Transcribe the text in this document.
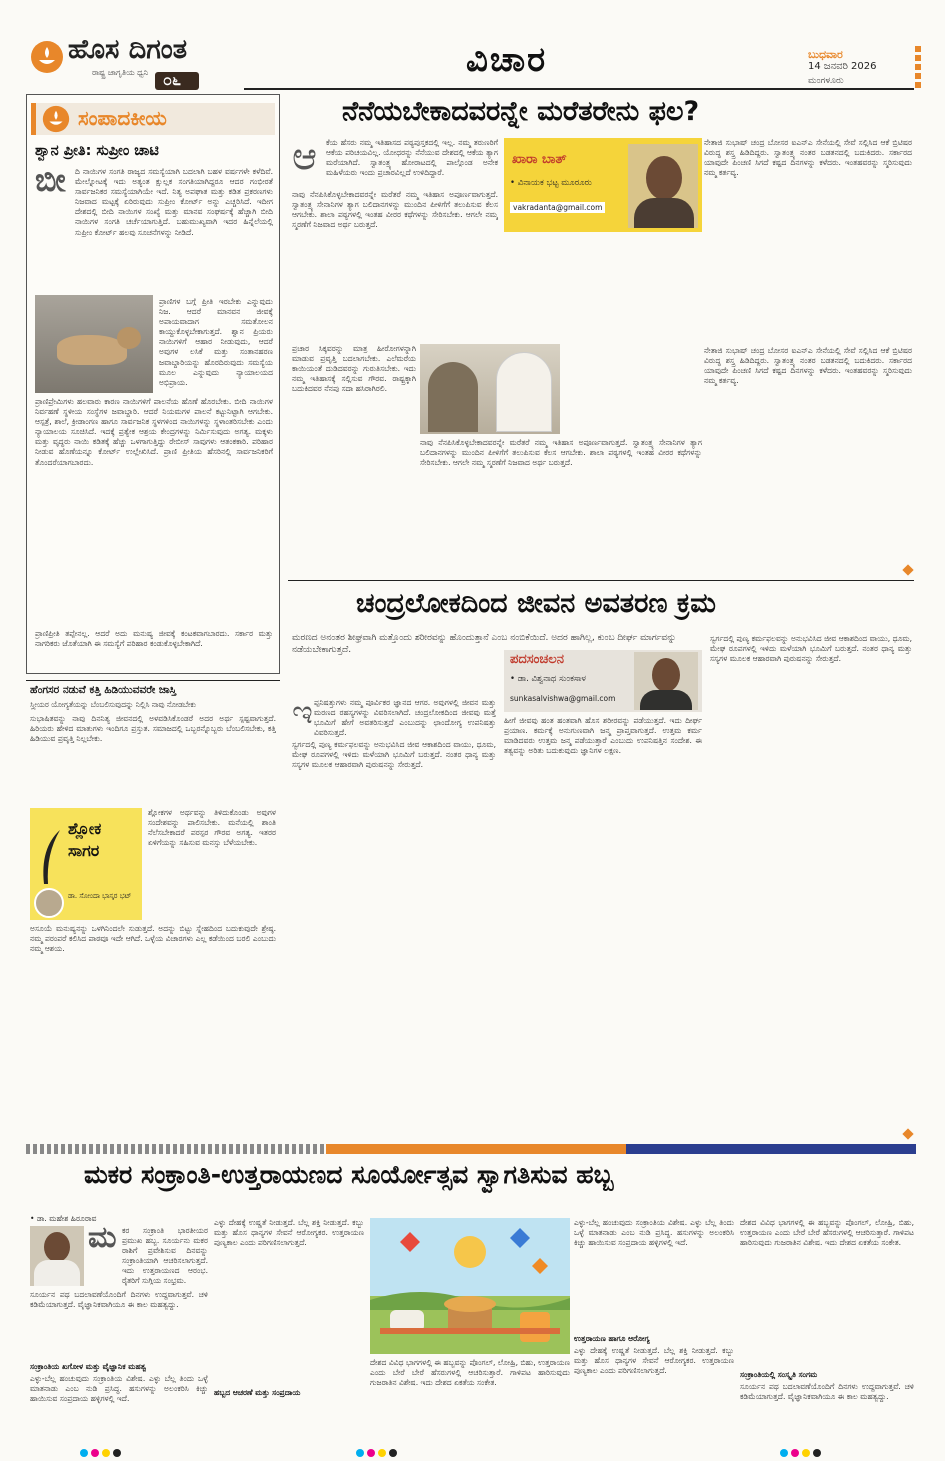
ಹೊಸ ದಿಗಂತ
ರಾಷ್ಟ್ರ ಜಾಗೃತಿಯ ಧ್ವನಿ ೦೬	ವಿಚಾರ	ಬುಧವಾರ
14 ಜನವರಿ 2026
ಮಂಗಳೂರು
ಸಂಪಾದಕೀಯ
ಶ್ವಾನ ಪ್ರೀತಿ: ಸುಪ್ರೀಂ ಚಾಟಿ
ಬೀ ದಿ ನಾಯಿಗಳ ಸಂಗತಿ ರಾಜ್ಯದ ಸಮಸ್ಯೆಯಾಗಿ ಬದಲಾಗಿ ಬಹಳ ವರ್ಷಗಳೇ ಕಳೆದಿವೆ. ಮೇಲ್ನೋಟಕ್ಕೆ ಇದು ಅತ್ಯಂತ ಕ್ಷುಲ್ಲಕ ಸಂಗತಿಯಾಗಿದ್ದರೂ ಆದರ ಗಂಭೀರತೆ ಸಾರ್ವಜನಿಕರ ಸಮಸ್ಯೆಯಾಗಿಯೇ ಇದೆ. ನಿತ್ಯ ಅಪಘಾತ ಮತ್ತು ಕಡಿತ ಪ್ರಕರಣಗಳು ನಿಜವಾದ ಮಟ್ಟಕ್ಕೆ ಏರಿರುವುದು ಸುಪ್ರೀಂ ಕೋರ್ಟ್ ಅನ್ನು ಎಚ್ಚರಿಸಿದೆ. ಇದೀಗ ದೇಶದಲ್ಲಿ ಬೀದಿ ನಾಯಿಗಳ ಸಂಖ್ಯೆ ಮತ್ತು ಮಾನವ ಸಂಘರ್ಷಕ್ಕೆ ಹೆಚ್ಚಾಗಿ ಬೀದಿ ನಾಯಿಗಳ ಸಂಗತಿ ಚರ್ಚೆಯಾಗುತ್ತಿದೆ. ಬಹುಮುಖ್ಯವಾಗಿ ಇದರ ಹಿನ್ನೆಲೆಯಲ್ಲಿ ಸುಪ್ರೀಂ ಕೋರ್ಟ್ ಹಲವು ಸೂಚನೆಗಳನ್ನು ನೀಡಿದೆ.
ಪ್ರಾಣಿಗಳ ಬಗ್ಗೆ ಪ್ರೀತಿ ಇರಬೇಕು ಎನ್ನುವುದು ನಿಜ. ಆದರೆ ಮಾನವನ ಜೀವಕ್ಕೆ ಅಪಾಯವಾದಾಗ ಸಮತೋಲನ ಕಾಯ್ದುಕೊಳ್ಳಬೇಕಾಗುತ್ತದೆ. ಶ್ವಾನ ಪ್ರಿಯರು ನಾಯಿಗಳಿಗೆ ಆಹಾರ ನೀಡುವುದು, ಆದರೆ ಅವುಗಳ ಲಸಿಕೆ ಮತ್ತು ಸಂತಾನಹರಣ ಜವಾಬ್ದಾರಿಯನ್ನು ಹೊರದಿರುವುದು ಸಮಸ್ಯೆಯ ಮೂಲ ಎನ್ನುವುದು ನ್ಯಾಯಾಲಯದ ಅಭಿಪ್ರಾಯ.
ಪ್ರಾಣಿಪ್ರೇಮಿಗಳು ಹಲವಾರು ಕಾರಣ ನಾಯಿಗಳಿಗೆ ಪಾಲನೆಯ ಹೊಣೆ ಹೊರಬೇಕು. ಬೀದಿ ನಾಯಿಗಳ ನಿರ್ವಹಣೆ ಸ್ಥಳೀಯ ಸಂಸ್ಥೆಗಳ ಜವಾಬ್ದಾರಿ. ಆದರೆ ನಿಯಮಗಳ ಪಾಲನೆ ಕಟ್ಟುನಿಟ್ಟಾಗಿ ಆಗಬೇಕು. ಆಸ್ಪತ್ರೆ, ಶಾಲೆ, ಕ್ರೀಡಾಂಗಣ ಹಾಗೂ ಸಾರ್ವಜನಿಕ ಸ್ಥಳಗಳಿಂದ ನಾಯಿಗಳನ್ನು ಸ್ಥಳಾಂತರಿಸಬೇಕು ಎಂದು ನ್ಯಾಯಾಲಯ ಸೂಚಿಸಿದೆ. ಇದಕ್ಕೆ ಪ್ರತ್ಯೇಕ ಆಶ್ರಯ ಕೇಂದ್ರಗಳನ್ನು ನಿರ್ಮಿಸುವುದು ಅಗತ್ಯ. ಮಕ್ಕಳು ಮತ್ತು ವೃದ್ಧರು ನಾಯಿ ಕಡಿತಕ್ಕೆ ಹೆಚ್ಚು ಒಳಗಾಗುತ್ತಿದ್ದು ರೇಬೀಸ್ ಸಾವುಗಳು ಆತಂಕಕಾರಿ. ಪರಿಹಾರ ನೀಡುವ ಹೊಣೆಯನ್ನೂ ಕೋರ್ಟ್ ಉಲ್ಲೇಖಿಸಿದೆ. ಪ್ರಾಣಿ ಪ್ರೀತಿಯ ಹೆಸರಿನಲ್ಲಿ ಸಾರ್ವಜನಿಕರಿಗೆ ತೊಂದರೆಯಾಗಬಾರದು.
ಪ್ರಾಣಿಪ್ರೀತಿ ತಪ್ಪೇನಲ್ಲ. ಆದರೆ ಅದು ಮನುಷ್ಯ ಜೀವಕ್ಕೆ ಕಂಟಕವಾಗಬಾರದು. ಸರ್ಕಾರ ಮತ್ತು ನಾಗರಿಕರು ಜೊತೆಯಾಗಿ ಈ ಸಮಸ್ಯೆಗೆ ಪರಿಹಾರ ಕಂಡುಕೊಳ್ಳಬೇಕಾಗಿದೆ.
ನೆನೆಯಬೇಕಾದವರನ್ನೇ ಮರೆತರೇನು ಫಲ?
ಆ	ಕೆಯ ಹೆಸರು ನಮ್ಮ ಇತಿಹಾಸದ ಪಠ್ಯಪುಸ್ತಕದಲ್ಲಿ ಇಲ್ಲ. ನಮ್ಮ ತರುಣರಿಗೆ ಆಕೆಯ ಪರಿಚಯವಿಲ್ಲ. ಯೋಧರನ್ನು ನೆನೆಯುವ ದೇಶದಲ್ಲಿ ಆಕೆಯ ತ್ಯಾಗ ಮರೆಯಾಗಿದೆ. ಸ್ವಾತಂತ್ರ್ಯ ಹೋರಾಟದಲ್ಲಿ ಪಾಲ್ಗೊಂಡ ಅನೇಕ ಮಹಿಳೆಯರು ಇಂದು ಪ್ರಚಾರವಿಲ್ಲದೆ ಉಳಿದಿದ್ದಾರೆ.
ಖಾರಾ ಬಾತ್
• ವಿನಾಯಕ ಭಟ್ಟ ಮೂರೂರು
vakradanta@gmail.com
ನೇತಾಜಿ ಸುಭಾಷ್ ಚಂದ್ರ ಬೋಸರ ಐಎನ್ಎ ಸೇನೆಯಲ್ಲಿ ಸೇವೆ ಸಲ್ಲಿಸಿದ ಆಕೆ ಬ್ರಿಟಿಷರ ವಿರುದ್ಧ ಶಸ್ತ್ರ ಹಿಡಿದಿದ್ದರು. ಸ್ವಾತಂತ್ರ್ಯ ನಂತರ ಬಡತನದಲ್ಲಿ ಬದುಕಿದರು. ಸರ್ಕಾರದ ಯಾವುದೇ ಪಿಂಚಣಿ ಸಿಗದೆ ಕಷ್ಟದ ದಿನಗಳನ್ನು ಕಳೆದರು. ಇಂತಹವರನ್ನು ಸ್ಮರಿಸುವುದು ನಮ್ಮ ಕರ್ತವ್ಯ.
ನಾವು ನೆನಪಿಸಿಕೊಳ್ಳಬೇಕಾದವರನ್ನೇ ಮರೆತರೆ ನಮ್ಮ ಇತಿಹಾಸ ಅಪೂರ್ಣವಾಗುತ್ತದೆ. ಸ್ವಾತಂತ್ರ್ಯ ಸೇನಾನಿಗಳ ತ್ಯಾಗ ಬಲಿದಾನಗಳನ್ನು ಮುಂದಿನ ಪೀಳಿಗೆಗೆ ತಲುಪಿಸುವ ಕೆಲಸ ಆಗಬೇಕು. ಶಾಲಾ ಪಠ್ಯಗಳಲ್ಲಿ ಇಂತಹ ವೀರರ ಕಥೆಗಳನ್ನು ಸೇರಿಸಬೇಕು. ಆಗಲೇ ನಮ್ಮ ಸ್ಮರಣೆಗೆ ನಿಜವಾದ ಅರ್ಥ ಬರುತ್ತದೆ.
ಪ್ರಚಾರ ಸಿಕ್ಕವರನ್ನು ಮಾತ್ರ ಹೀರೋಗಳನ್ನಾಗಿ ಮಾಡುವ ಪ್ರವೃತ್ತಿ ಬದಲಾಗಬೇಕು. ಎಲೆಮರೆಯ ಕಾಯಿಯಂತೆ ದುಡಿದವರನ್ನು ಗುರುತಿಸಬೇಕು. ಇದು ನಮ್ಮ ಇತಿಹಾಸಕ್ಕೆ ಸಲ್ಲಿಸುವ ಗೌರವ. ರಾಷ್ಟ್ರಕ್ಕಾಗಿ ಬದುಕಿದವರ ನೆನಪು ಸದಾ ಹಸಿರಾಗಿರಲಿ.
ನಾವು ನೆನಪಿಸಿಕೊಳ್ಳಬೇಕಾದವರನ್ನೇ ಮರೆತರೆ ನಮ್ಮ ಇತಿಹಾಸ ಅಪೂರ್ಣವಾಗುತ್ತದೆ. ಸ್ವಾತಂತ್ರ್ಯ ಸೇನಾನಿಗಳ ತ್ಯಾಗ ಬಲಿದಾನಗಳನ್ನು ಮುಂದಿನ ಪೀಳಿಗೆಗೆ ತಲುಪಿಸುವ ಕೆಲಸ ಆಗಬೇಕು. ಶಾಲಾ ಪಠ್ಯಗಳಲ್ಲಿ ಇಂತಹ ವೀರರ ಕಥೆಗಳನ್ನು ಸೇರಿಸಬೇಕು. ಆಗಲೇ ನಮ್ಮ ಸ್ಮರಣೆಗೆ ನಿಜವಾದ ಅರ್ಥ ಬರುತ್ತದೆ.
ನೇತಾಜಿ ಸುಭಾಷ್ ಚಂದ್ರ ಬೋಸರ ಐಎನ್ಎ ಸೇನೆಯಲ್ಲಿ ಸೇವೆ ಸಲ್ಲಿಸಿದ ಆಕೆ ಬ್ರಿಟಿಷರ ವಿರುದ್ಧ ಶಸ್ತ್ರ ಹಿಡಿದಿದ್ದರು. ಸ್ವಾತಂತ್ರ್ಯ ನಂತರ ಬಡತನದಲ್ಲಿ ಬದುಕಿದರು. ಸರ್ಕಾರದ ಯಾವುದೇ ಪಿಂಚಣಿ ಸಿಗದೆ ಕಷ್ಟದ ದಿನಗಳನ್ನು ಕಳೆದರು. ಇಂತಹವರನ್ನು ಸ್ಮರಿಸುವುದು ನಮ್ಮ ಕರ್ತವ್ಯ.
ಚಂದ್ರಲೋಕದಿಂದ ಜೀವನ ಅವತರಣ ಕ್ರಮ
ಮರಣದ ಅನಂತರ ಶೀಘ್ರವಾಗಿ ಮತ್ತೊಂದು ಶರೀರವನ್ನು ಹೊಂದುತ್ತಾನೆ ಎಂಬ ನಂಬಿಕೆಯಿದೆ. ಅದರ ಹಾಗಿಲ್ಲ, ಕುಂಬ ದೀರ್ಘ ಮಾರ್ಗವನ್ನು ನಡೆಯಬೇಕಾಗುತ್ತದೆ.
ಪದಸಂಚಲನ
• ಡಾ. ವಿಶ್ವನಾಥ ಸುಂಕಸಾಳ
sunkasalvishwa@gmail.com
ಇ ಪ್ಪನಿಷತ್ತುಗಳು ನಮ್ಮ ಪೂರ್ವಿಕರ ಜ್ಞಾನದ ಆಗರ. ಅವುಗಳಲ್ಲಿ ಜೀವನ ಮತ್ತು ಮರಣದ ರಹಸ್ಯಗಳನ್ನು ವಿವರಿಸಲಾಗಿದೆ. ಚಂದ್ರಲೋಕದಿಂದ ಜೀವವು ಮತ್ತೆ ಭೂಮಿಗೆ ಹೇಗೆ ಅವತರಿಸುತ್ತದೆ ಎಂಬುದನ್ನು ಛಾಂದೋಗ್ಯ ಉಪನಿಷತ್ತು ವಿವರಿಸುತ್ತದೆ.
ಸ್ವರ್ಗದಲ್ಲಿ ಪುಣ್ಯ ಕರ್ಮಫಲವನ್ನು ಅನುಭವಿಸಿದ ಜೀವ ಆಕಾಶದಿಂದ ವಾಯು, ಧೂಮ, ಮೇಘ ರೂಪಗಳಲ್ಲಿ ಇಳಿದು ಮಳೆಯಾಗಿ ಭೂಮಿಗೆ ಬರುತ್ತದೆ. ನಂತರ ಧಾನ್ಯ ಮತ್ತು ಸಸ್ಯಗಳ ಮೂಲಕ ಆಹಾರವಾಗಿ ಪುರುಷನನ್ನು ಸೇರುತ್ತದೆ.
ಹೀಗೆ ಜೀವವು ಹಂತ ಹಂತವಾಗಿ ಹೊಸ ಶರೀರವನ್ನು ಪಡೆಯುತ್ತದೆ. ಇದು ದೀರ್ಘ ಪ್ರಯಾಣ. ಕರ್ಮಕ್ಕೆ ಅನುಗುಣವಾಗಿ ಜನ್ಮ ಪ್ರಾಪ್ತವಾಗುತ್ತದೆ. ಉತ್ತಮ ಕರ್ಮ ಮಾಡಿದವರು ಉತ್ತಮ ಜನ್ಮ ಪಡೆಯುತ್ತಾರೆ ಎಂಬುದು ಉಪನಿಷತ್ತಿನ ಸಂದೇಶ. ಈ ತತ್ವವನ್ನು ಅರಿತು ಬದುಕುವುದು ಜ್ಞಾನಿಗಳ ಲಕ್ಷಣ.
ಸ್ವರ್ಗದಲ್ಲಿ ಪುಣ್ಯ ಕರ್ಮಫಲವನ್ನು ಅನುಭವಿಸಿದ ಜೀವ ಆಕಾಶದಿಂದ ವಾಯು, ಧೂಮ, ಮೇಘ ರೂಪಗಳಲ್ಲಿ ಇಳಿದು ಮಳೆಯಾಗಿ ಭೂಮಿಗೆ ಬರುತ್ತದೆ. ನಂತರ ಧಾನ್ಯ ಮತ್ತು ಸಸ್ಯಗಳ ಮೂಲಕ ಆಹಾರವಾಗಿ ಪುರುಷನನ್ನು ಸೇರುತ್ತದೆ.
ಹೆಂಗಸರ ನಡುವೆ ಕತ್ತಿ ಹಿಡಿಯುವವರೇ ಜಾಸ್ತಿ
ಸ್ತ್ರೀಯರ ಯೋಗ್ಯತೆಯನ್ನು ಬೆಂಬಲಿಸುವುದನ್ನು ನಿಲ್ಲಿಸಿ ನಾವು ನೋಡಬೇಕು
ಸುಭಾಷಿತವನ್ನು ನಾವು ದಿನನಿತ್ಯ ಜೀವನದಲ್ಲಿ ಅಳವಡಿಸಿಕೊಂಡರೆ ಅದರ ಅರ್ಥ ಸ್ಪಷ್ಟವಾಗುತ್ತದೆ. ಹಿರಿಯರು ಹೇಳಿದ ಮಾತುಗಳು ಇಂದಿಗೂ ಪ್ರಸ್ತುತ. ಸಮಾಜದಲ್ಲಿ ಒಬ್ಬರನ್ನೊಬ್ಬರು ಬೆಂಬಲಿಸಬೇಕು, ಕತ್ತಿ ಹಿಡಿಯುವ ಪ್ರವೃತ್ತಿ ನಿಲ್ಲಬೇಕು.
ಶ್ಲೋಕ ಸಾಗರ
ಡಾ. ಸೋಂದಾ ಭಾಸ್ಕರ ಭಟ್
ಶ್ಲೋಕಗಳ ಅರ್ಥವನ್ನು ತಿಳಿದುಕೊಂಡು ಅವುಗಳ ಸಂದೇಶವನ್ನು ಪಾಲಿಸಬೇಕು. ಮನೆಯಲ್ಲಿ ಶಾಂತಿ ನೆಲೆಸಬೇಕಾದರೆ ಪರಸ್ಪರ ಗೌರವ ಅಗತ್ಯ. ಇತರರ ಏಳಿಗೆಯನ್ನು ಸಹಿಸುವ ಮನಸ್ಸು ಬೆಳೆಯಬೇಕು.
ಅಸೂಯೆ ಮನುಷ್ಯನನ್ನು ಒಳಗಿನಿಂದಲೇ ಸುಡುತ್ತದೆ. ಅದನ್ನು ಬಿಟ್ಟು ಸ್ನೇಹದಿಂದ ಬದುಕುವುದೇ ಶ್ರೇಷ್ಠ. ನಮ್ಮ ಪರಂಪರೆ ಕಲಿಸಿದ ಪಾಠವೂ ಇದೇ ಆಗಿದೆ. ಒಳ್ಳೆಯ ವಿಚಾರಗಳು ಎಲ್ಲ ಕಡೆಯಿಂದ ಬರಲಿ ಎಂಬುದು ನಮ್ಮ ಆಶಯ.
ಮಕರ ಸಂಕ್ರಾಂತಿ-ಉತ್ತರಾಯಣದ ಸೂರ್ಯೋತ್ಸವ ಸ್ವಾಗತಿಸುವ ಹಬ್ಬ
• ಡಾ. ಮಹೇಶ ಹಿರೂರಾವ
ಮ ಕರ ಸಂಕ್ರಾಂತಿ ಭಾರತೀಯರ ಪ್ರಮುಖ ಹಬ್ಬ. ಸೂರ್ಯನು ಮಕರ ರಾಶಿಗೆ ಪ್ರವೇಶಿಸುವ ದಿನವನ್ನು ಸಂಕ್ರಾಂತಿಯಾಗಿ ಆಚರಿಸಲಾಗುತ್ತದೆ. ಇದು ಉತ್ತರಾಯಣದ ಆರಂಭ. ರೈತರಿಗೆ ಸುಗ್ಗಿಯ ಸಂಭ್ರಮ.
ಸೂರ್ಯನ ಪಥ ಬದಲಾವಣೆಯೊಂದಿಗೆ ದಿನಗಳು ಉದ್ದವಾಗುತ್ತವೆ. ಚಳಿ ಕಡಿಮೆಯಾಗುತ್ತದೆ. ವೈಜ್ಞಾನಿಕವಾಗಿಯೂ ಈ ಕಾಲ ಮಹತ್ವದ್ದು.
ಸಂಕ್ರಾಂತಿಯ ಖಗೋಳ ಮತ್ತು ವೈಜ್ಞಾನಿಕ ಮಹತ್ವ
ಎಳ್ಳು-ಬೆಲ್ಲ ಹಂಚುವುದು ಸಂಕ್ರಾಂತಿಯ ವಿಶೇಷ. ಎಳ್ಳು ಬೆಲ್ಲ ತಿಂದು ಒಳ್ಳೆ ಮಾತನಾಡು ಎಂಬ ನುಡಿ ಪ್ರಸಿದ್ಧ. ಹಸುಗಳನ್ನು ಅಲಂಕರಿಸಿ ಕಿಚ್ಚು ಹಾಯಿಸುವ ಸಂಪ್ರದಾಯ ಹಳ್ಳಿಗಳಲ್ಲಿ ಇದೆ.
ಎಳ್ಳು ದೇಹಕ್ಕೆ ಉಷ್ಣತೆ ನೀಡುತ್ತದೆ. ಬೆಲ್ಲ ಶಕ್ತಿ ನೀಡುತ್ತದೆ. ಕಬ್ಬು ಮತ್ತು ಹೊಸ ಧಾನ್ಯಗಳ ಸೇವನೆ ಆರೋಗ್ಯಕರ. ಉತ್ತರಾಯಣ ಪುಣ್ಯಕಾಲ ಎಂದು ಪರಿಗಣಿಸಲಾಗುತ್ತದೆ.
ಹಬ್ಬದ ಆಚರಣೆ ಮತ್ತು ಸಂಪ್ರದಾಯ
ದೇಶದ ವಿವಿಧ ಭಾಗಗಳಲ್ಲಿ ಈ ಹಬ್ಬವನ್ನು ಪೊಂಗಲ್, ಲೋಹ್ರಿ, ಬಿಹು, ಉತ್ತರಾಯಣ ಎಂದು ಬೇರೆ ಬೇರೆ ಹೆಸರುಗಳಲ್ಲಿ ಆಚರಿಸುತ್ತಾರೆ. ಗಾಳಿಪಟ ಹಾರಿಸುವುದು ಗುಜರಾತಿನ ವಿಶೇಷ. ಇದು ದೇಶದ ಏಕತೆಯ ಸಂಕೇತ.
ಎಳ್ಳು-ಬೆಲ್ಲ ಹಂಚುವುದು ಸಂಕ್ರಾಂತಿಯ ವಿಶೇಷ. ಎಳ್ಳು ಬೆಲ್ಲ ತಿಂದು ಒಳ್ಳೆ ಮಾತನಾಡು ಎಂಬ ನುಡಿ ಪ್ರಸಿದ್ಧ. ಹಸುಗಳನ್ನು ಅಲಂಕರಿಸಿ ಕಿಚ್ಚು ಹಾಯಿಸುವ ಸಂಪ್ರದಾಯ ಹಳ್ಳಿಗಳಲ್ಲಿ ಇದೆ.
ಉತ್ತರಾಯಣ ಹಾಗೂ ಆರೋಗ್ಯ
ಎಳ್ಳು ದೇಹಕ್ಕೆ ಉಷ್ಣತೆ ನೀಡುತ್ತದೆ. ಬೆಲ್ಲ ಶಕ್ತಿ ನೀಡುತ್ತದೆ. ಕಬ್ಬು ಮತ್ತು ಹೊಸ ಧಾನ್ಯಗಳ ಸೇವನೆ ಆರೋಗ್ಯಕರ. ಉತ್ತರಾಯಣ ಪುಣ್ಯಕಾಲ ಎಂದು ಪರಿಗಣಿಸಲಾಗುತ್ತದೆ.
ದೇಶದ ವಿವಿಧ ಭಾಗಗಳಲ್ಲಿ ಈ ಹಬ್ಬವನ್ನು ಪೊಂಗಲ್, ಲೋಹ್ರಿ, ಬಿಹು, ಉತ್ತರಾಯಣ ಎಂದು ಬೇರೆ ಬೇರೆ ಹೆಸರುಗಳಲ್ಲಿ ಆಚರಿಸುತ್ತಾರೆ. ಗಾಳಿಪಟ ಹಾರಿಸುವುದು ಗುಜರಾತಿನ ವಿಶೇಷ. ಇದು ದೇಶದ ಏಕತೆಯ ಸಂಕೇತ.
ಸಂಕ್ರಾಂತಿಯಲ್ಲಿ ಸಂಸ್ಕೃತಿ ಸಂಗಮ
ಸೂರ್ಯನ ಪಥ ಬದಲಾವಣೆಯೊಂದಿಗೆ ದಿನಗಳು ಉದ್ದವಾಗುತ್ತವೆ. ಚಳಿ ಕಡಿಮೆಯಾಗುತ್ತದೆ. ವೈಜ್ಞಾನಿಕವಾಗಿಯೂ ಈ ಕಾಲ ಮಹತ್ವದ್ದು.
